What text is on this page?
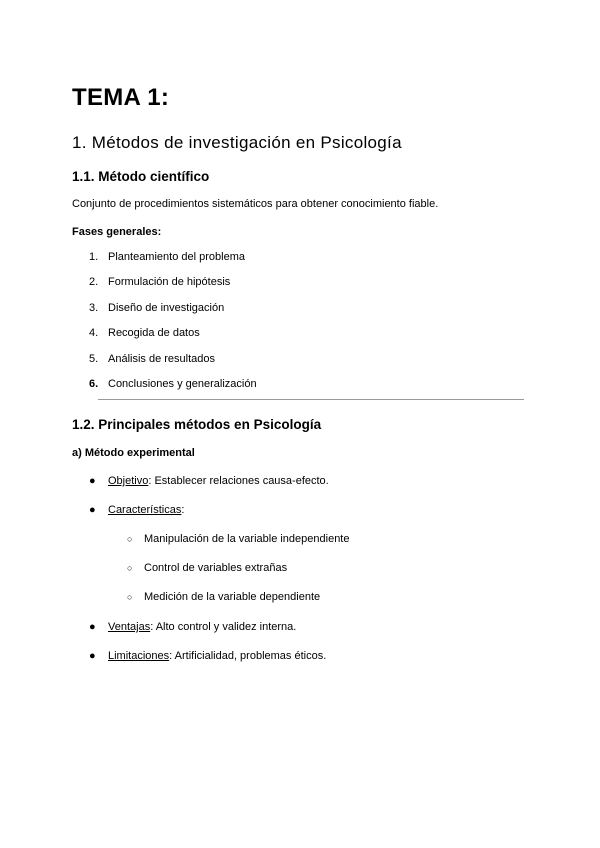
TEMA 1:
1. Métodos de investigación en Psicología
1.1. Método científico

Conjunto de procedimientos sistemáticos para obtener conocimiento fiable.

Fases generales:

1. Planteamiento del problema
2. Formulación de hipótesis
3. Diseño de investigación
4. Recogida de datos
5. Análisis de resultados
6. Conclusiones y generalización
1.2. Principales métodos en Psicología
a) Método experimental
● Objetivo: Establecer relaciones causa-efecto.
● Características:
○ Manipulación de la variable independiente
○ Control de variables extrañas
○ Medición de la variable dependiente
● Ventajas: Alto control y validez interna.
● Limitaciones: Artificialidad, problemas éticos.
